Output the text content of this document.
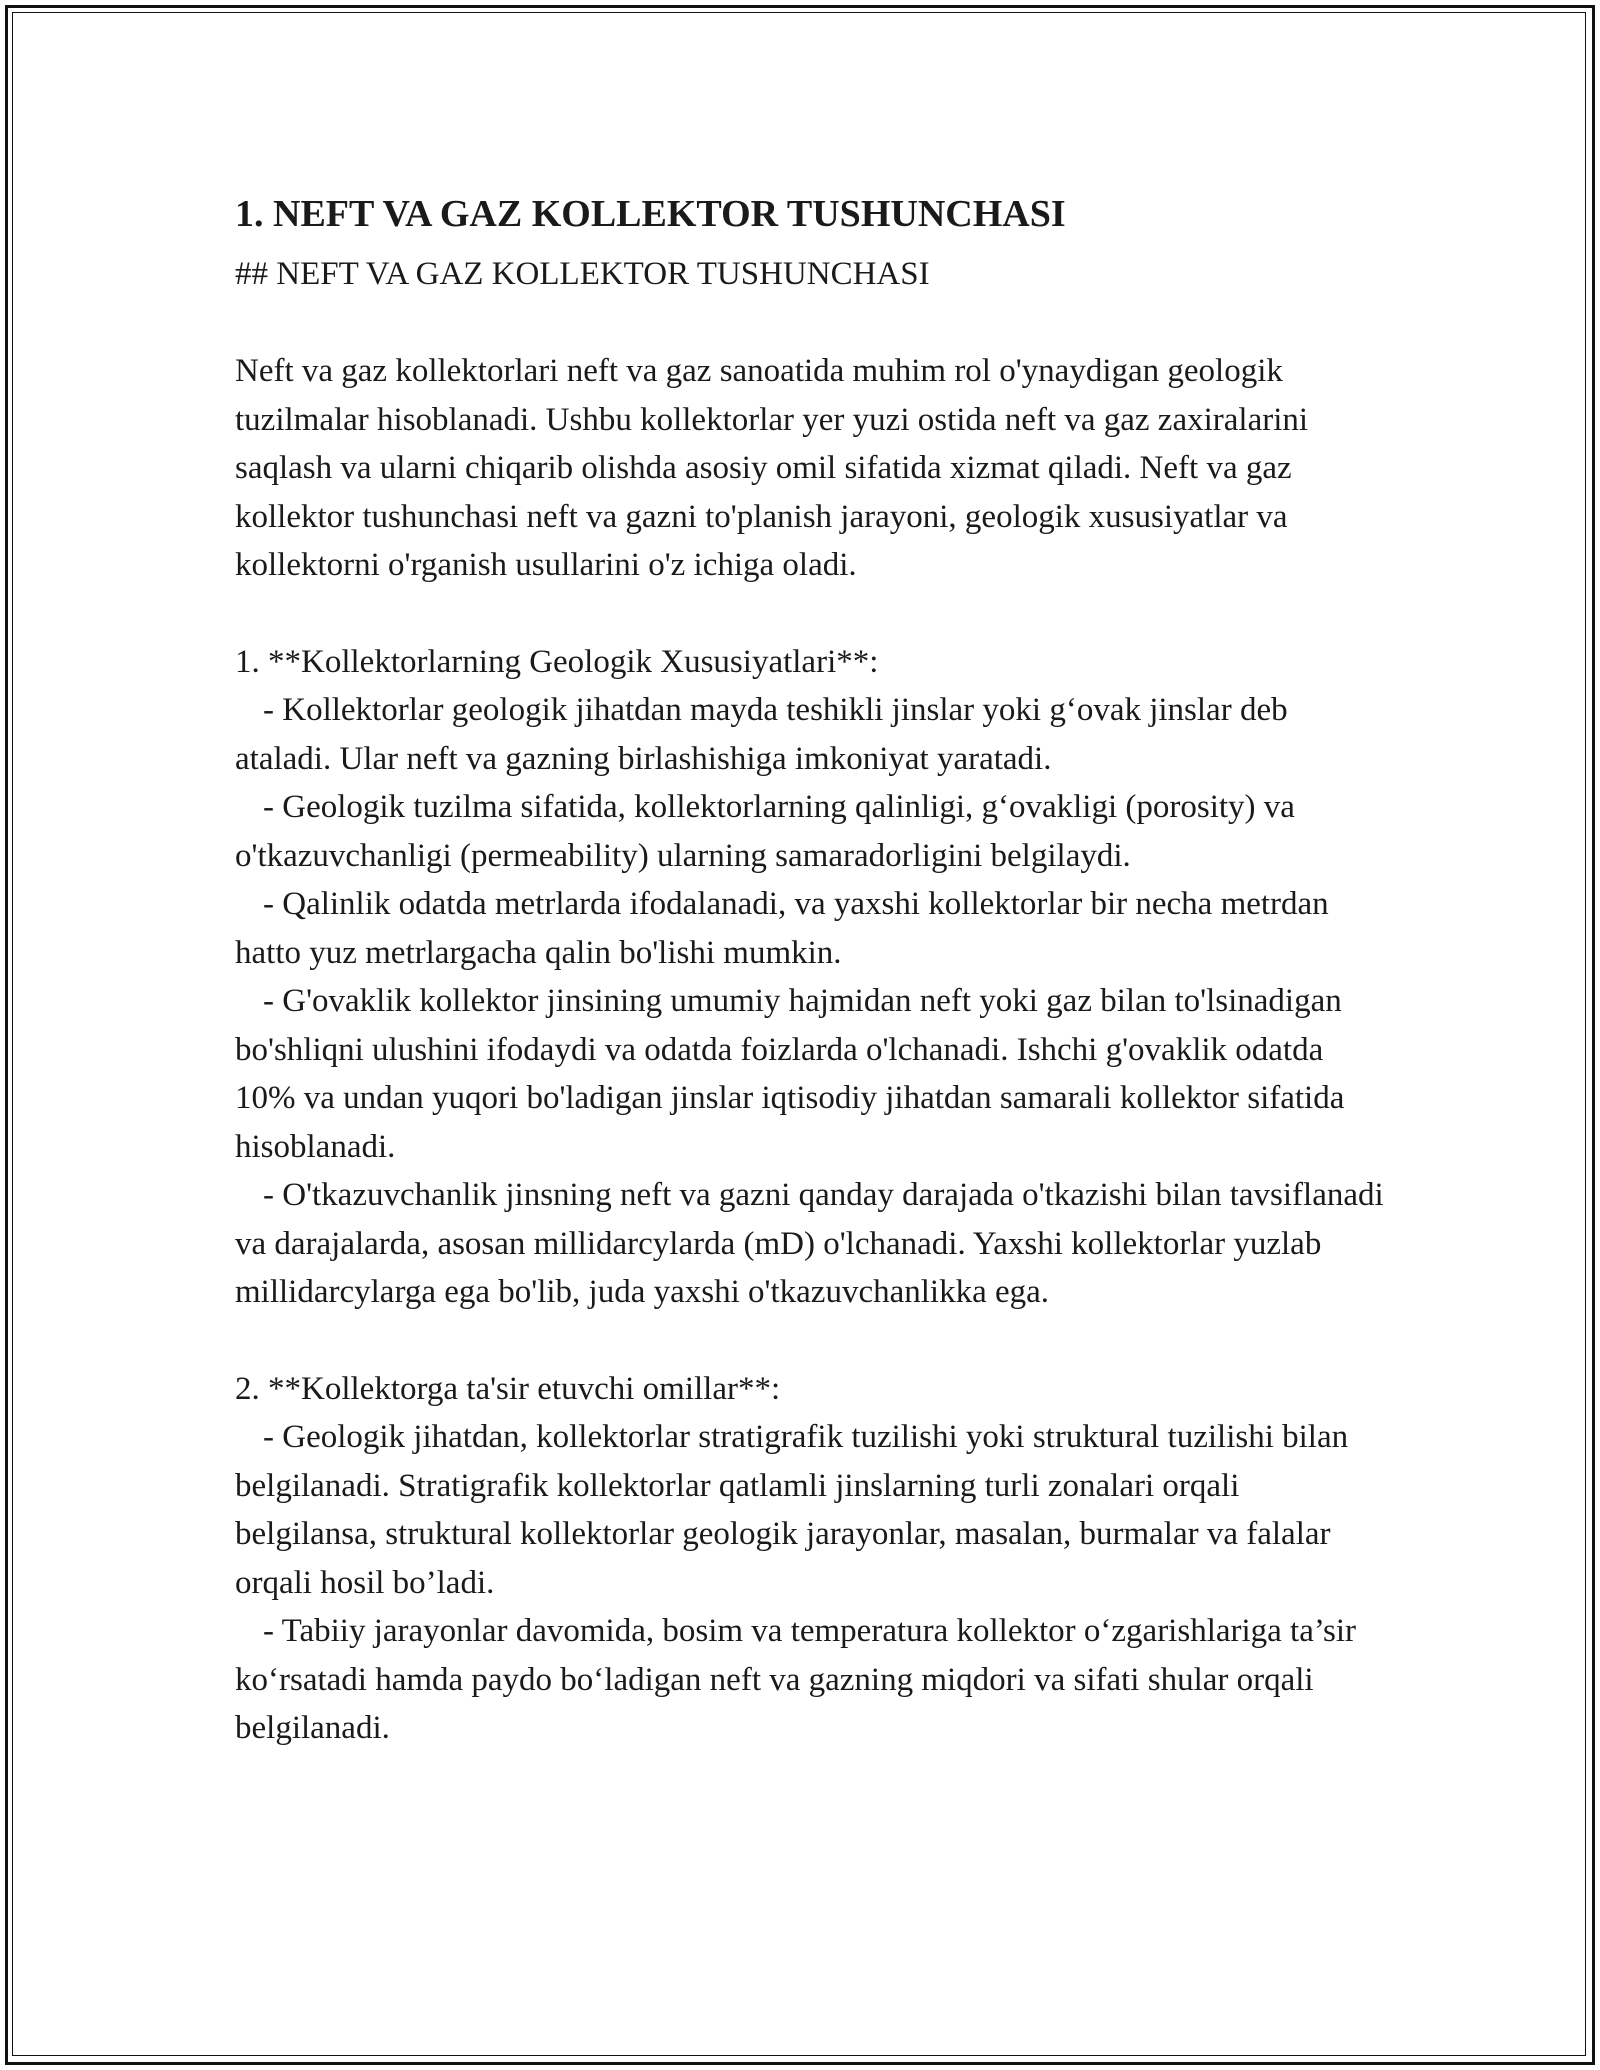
1. NEFT VA GAZ KOLLEKTOR TUSHUNCHASI

## NEFT VA GAZ KOLLEKTOR TUSHUNCHASI

Neft va gaz kollektorlari neft va gaz sanoatida muhim rol o'ynaydigan geologik tuzilmalar hisoblanadi. Ushbu kollektorlar yer yuzi ostida neft va gaz zaxiralarini saqlash va ularni chiqarib olishda asosiy omil sifatida xizmat qiladi. Neft va gaz kollektor tushunchasi neft va gazni to'planish jarayoni, geologik xususiyatlar va kollektorni o'rganish usullarini o'z ichiga oladi.

1. **Kollektorlarning Geologik Xususiyatlari**:

- Kollektorlar geologik jihatdan mayda teshikli jinslar yoki g‘ovak jinslar deb ataladi. Ular neft va gazning birlashishiga imkoniyat yaratadi.

- Geologik tuzilma sifatida, kollektorlarning qalinligi, g‘ovakligi (porosity) va o'tkazuvchanligi (permeability) ularning samaradorligini belgilaydi.

- Qalinlik odatda metrlarda ifodalanadi, va yaxshi kollektorlar bir necha metrdan hatto yuz metrlargacha qalin bo'lishi mumkin.

- G'ovaklik kollektor jinsining umumiy hajmidan neft yoki gaz bilan to'lsinadigan bo'shliqni ulushini ifodaydi va odatda foizlarda o'lchanadi. Ishchi g'ovaklik odatda 10% va undan yuqori bo'ladigan jinslar iqtisodiy jihatdan samarali kollektor sifatida hisoblanadi.

- O'tkazuvchanlik jinsning neft va gazni qanday darajada o'tkazishi bilan tavsiflanadi va darajalarda, asosan millidarcylarda (mD) o'lchanadi. Yaxshi kollektorlar yuzlab millidarcylarga ega bo'lib, juda yaxshi o'tkazuvchanlikka ega.

2. **Kollektorga ta'sir etuvchi omillar**:

- Geologik jihatdan, kollektorlar stratigrafik tuzilishi yoki struktural tuzilishi bilan belgilanadi. Stratigrafik kollektorlar qatlamli jinslarning turli zonalari orqali belgilansa, struktural kollektorlar geologik jarayonlar, masalan, burmalar va falalar orqali hosil bo’ladi.

- Tabiiy jarayonlar davomida, bosim va temperatura kollektor o‘zgarishlariga ta’sir ko‘rsatadi hamda paydo bo‘ladigan neft va gazning miqdori va sifati shular orqali belgilanadi.
